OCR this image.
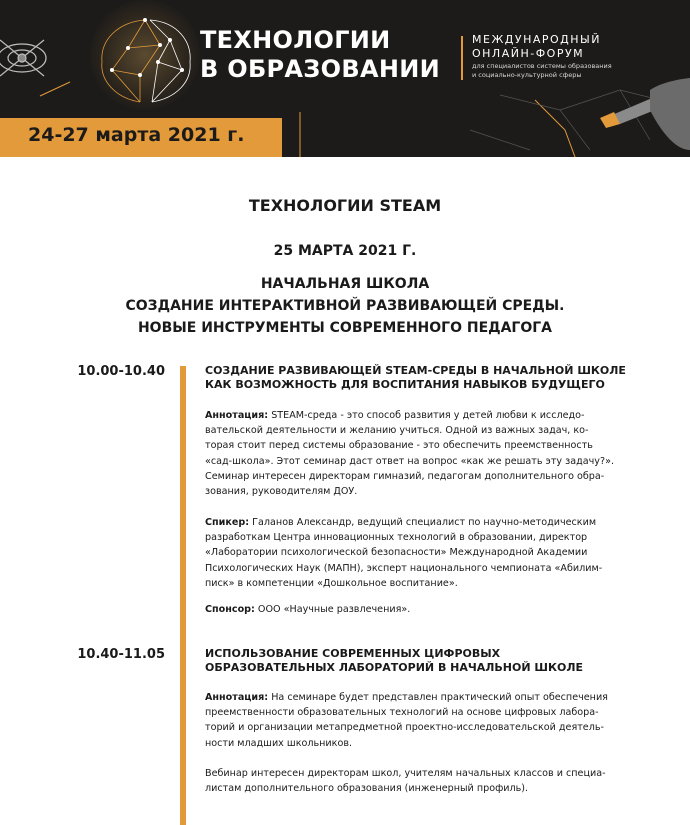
ТЕХНОЛОГИИ
В ОБРАЗОВАНИИ
МЕЖДУНАРОДНЫЙ
ОНЛАЙН-ФОРУМ
для специалистов системы образования
и социально-культурной сферы
24-27 марта 2021 г.
ТЕХНОЛОГИИ STEAM
25 МАРТА 2021 Г.
НАЧАЛЬНАЯ ШКОЛА
СОЗДАНИЕ ИНТЕРАКТИВНОЙ РАЗВИВАЮЩЕЙ СРЕДЫ.
НОВЫЕ ИНСТРУМЕНТЫ СОВРЕМЕННОГО ПЕДАГОГА
10.00-10.40	СОЗДАНИЕ РАЗВИВАЮЩЕЙ STEAM-СРЕДЫ В НАЧАЛЬНОЙ ШКОЛЕ
КАК ВОЗМОЖНОСТЬ ДЛЯ ВОСПИТАНИЯ НАВЫКОВ БУДУЩЕГО
Аннотация: STEAM-среда - это способ развития у детей любви к исследо-
вательской деятельности и желанию учиться. Одной из важных задач, ко-
торая стоит перед системы образование - это обеспечить преемственность
«сад-школа». Этот семинар даст ответ на вопрос «как же решать эту задачу?».
Семинар интересен директорам гимназий, педагогам дополнительного обра-
зования, руководителям ДОУ.
Спикер: Галанов Александр, ведущий специалист по научно-методическим
разработкам Центра инновационных технологий в образовании, директор
«Лаборатории психологической безопасности» Международной Академии
Психологических Наук (МАПН), эксперт национального чемпионата «Абилим-
писк» в компетенции «Дошкольное воспитание».
Спонсор: ООО «Научные развлечения».
10.40-11.05	ИСПОЛЬЗОВАНИЕ СОВРЕМЕННЫХ ЦИФРОВЫХ
ОБРАЗОВАТЕЛЬНЫХ ЛАБОРАТОРИЙ В НАЧАЛЬНОЙ ШКОЛЕ
Аннотация: На семинаре будет представлен практический опыт обеспечения
преемственности образовательных технологий на основе цифровых лабора-
торий и организации метапредметной проектно-исследовательской деятель-
ности младших школьников.
Вебинар интересен директорам школ, учителям начальных классов и специа-
листам дополнительного образования (инженерный профиль).
